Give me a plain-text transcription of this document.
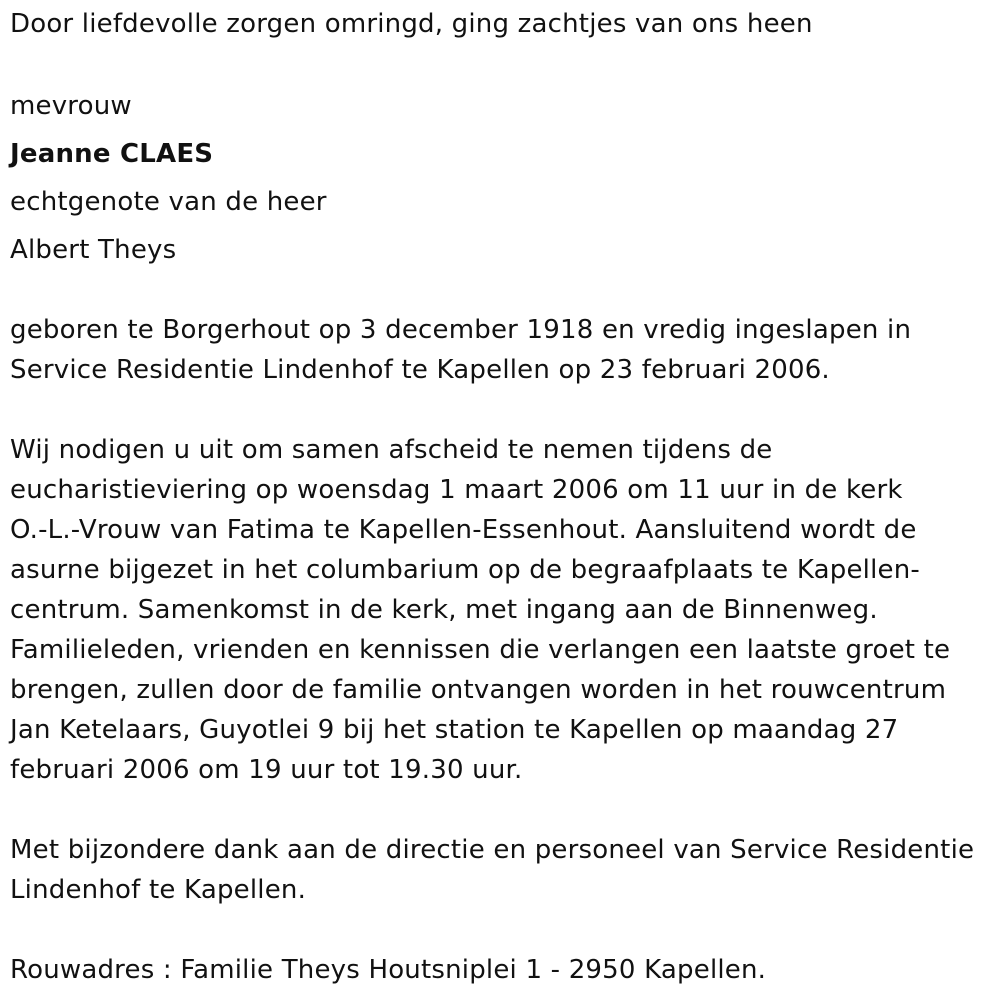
Door liefdevolle zorgen omringd, ging zachtjes van ons heen

mevrouw

Jeanne CLAES

echtgenote van de heer

Albert Theys

geboren te Borgerhout op 3 december 1918 en vredig ingeslapen in

Service Residentie Lindenhof te Kapellen op 23 februari 2006.

Wij nodigen u uit om samen afscheid te nemen tijdens de

eucharistieviering op woensdag 1 maart 2006 om 11 uur in de kerk

O.-L.-Vrouw van Fatima te Kapellen-Essenhout. Aansluitend wordt de

asurne bijgezet in het columbarium op de begraafplaats te Kapellen-

centrum. Samenkomst in de kerk, met ingang aan de Binnenweg.

Familieleden, vrienden en kennissen die verlangen een laatste groet te

brengen, zullen door de familie ontvangen worden in het rouwcentrum

Jan Ketelaars, Guyotlei 9 bij het station te Kapellen op maandag 27

februari 2006 om 19 uur tot 19.30 uur.

Met bijzondere dank aan de directie en personeel van Service Residentie

Lindenhof te Kapellen.

Rouwadres : Familie Theys Houtsniplei 1 - 2950 Kapellen.
